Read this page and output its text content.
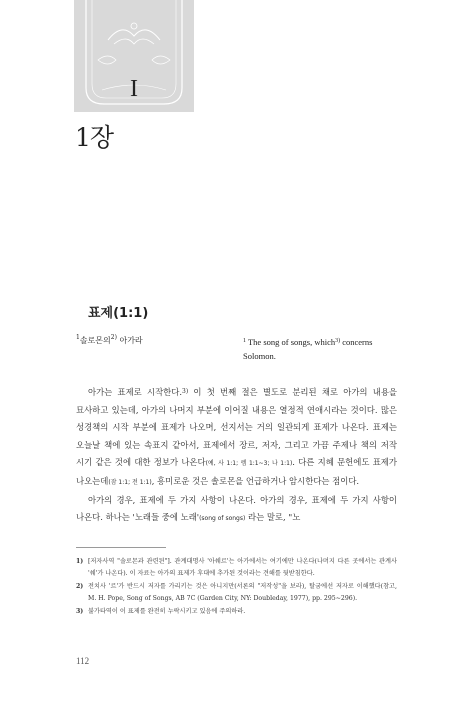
I
1장
표제(1:1)
$^1$솔로몬의$^{2)}$ 아가라	$^1$ The song of songs, which$^{3)}$ concerns Solomon.

아가는 표제로 시작한다.$^{3)}$ 이 첫 번째 절은 별도로 분리된 채로 아가의 내용을 묘사하고 있는데, 아가의 나머지 부분에 이어질 내용은 열정적 연애시라는 것이다. 많은 성경책의 시작 부분에 표제가 나오며, 선지서는 거의 일관되게 표제가 나온다. 표제는 오늘날 책에 있는 속표지 같아서, 표제에서 장르, 저자, 그리고 가끔 주제나 책의 저작 시기 같은 것에 대한 정보가 나온다(예, 사 1:1; 렘 1:1~3; 나 1:1). 다른 지혜 문헌에도 표제가 나오는데(잠 1:1; 전 1:1), 흥미로운 것은 솔로몬을 언급하거나 암시한다는 점이다.

아가의 경우, 표제에 두 가지 사항이 나온다. 아가의 경우, 표제에 두 가지 사항이 나온다. 하나는 '노래들 중에 노래'(song of songs) 라는 말로, "노

1) [저자사역 "솔로몬과 관련된"]. 관계대명사 '아쉐르'는 아가에서는 여기에만 나온다(나머지 다른 곳에서는 관계사 '쉐'가 나온다). 이 자료는 아가의 표제가 후대에 추가된 것이라는 견해를 뒷받침한다.
2) 전치사 '르'가 반드시 저자를 가리키는 것은 아니지만(서론의 "저작성"을 보라), 탈굼에선 저자로 이해했다(참고, M. H. Pope, Song of Songs, AB 7C (Garden City, NY: Doubleday, 1977), pp. 295~296).
3) 불가타역이 이 표제를 완전히 누락시키고 있음에 주의하라.
112
